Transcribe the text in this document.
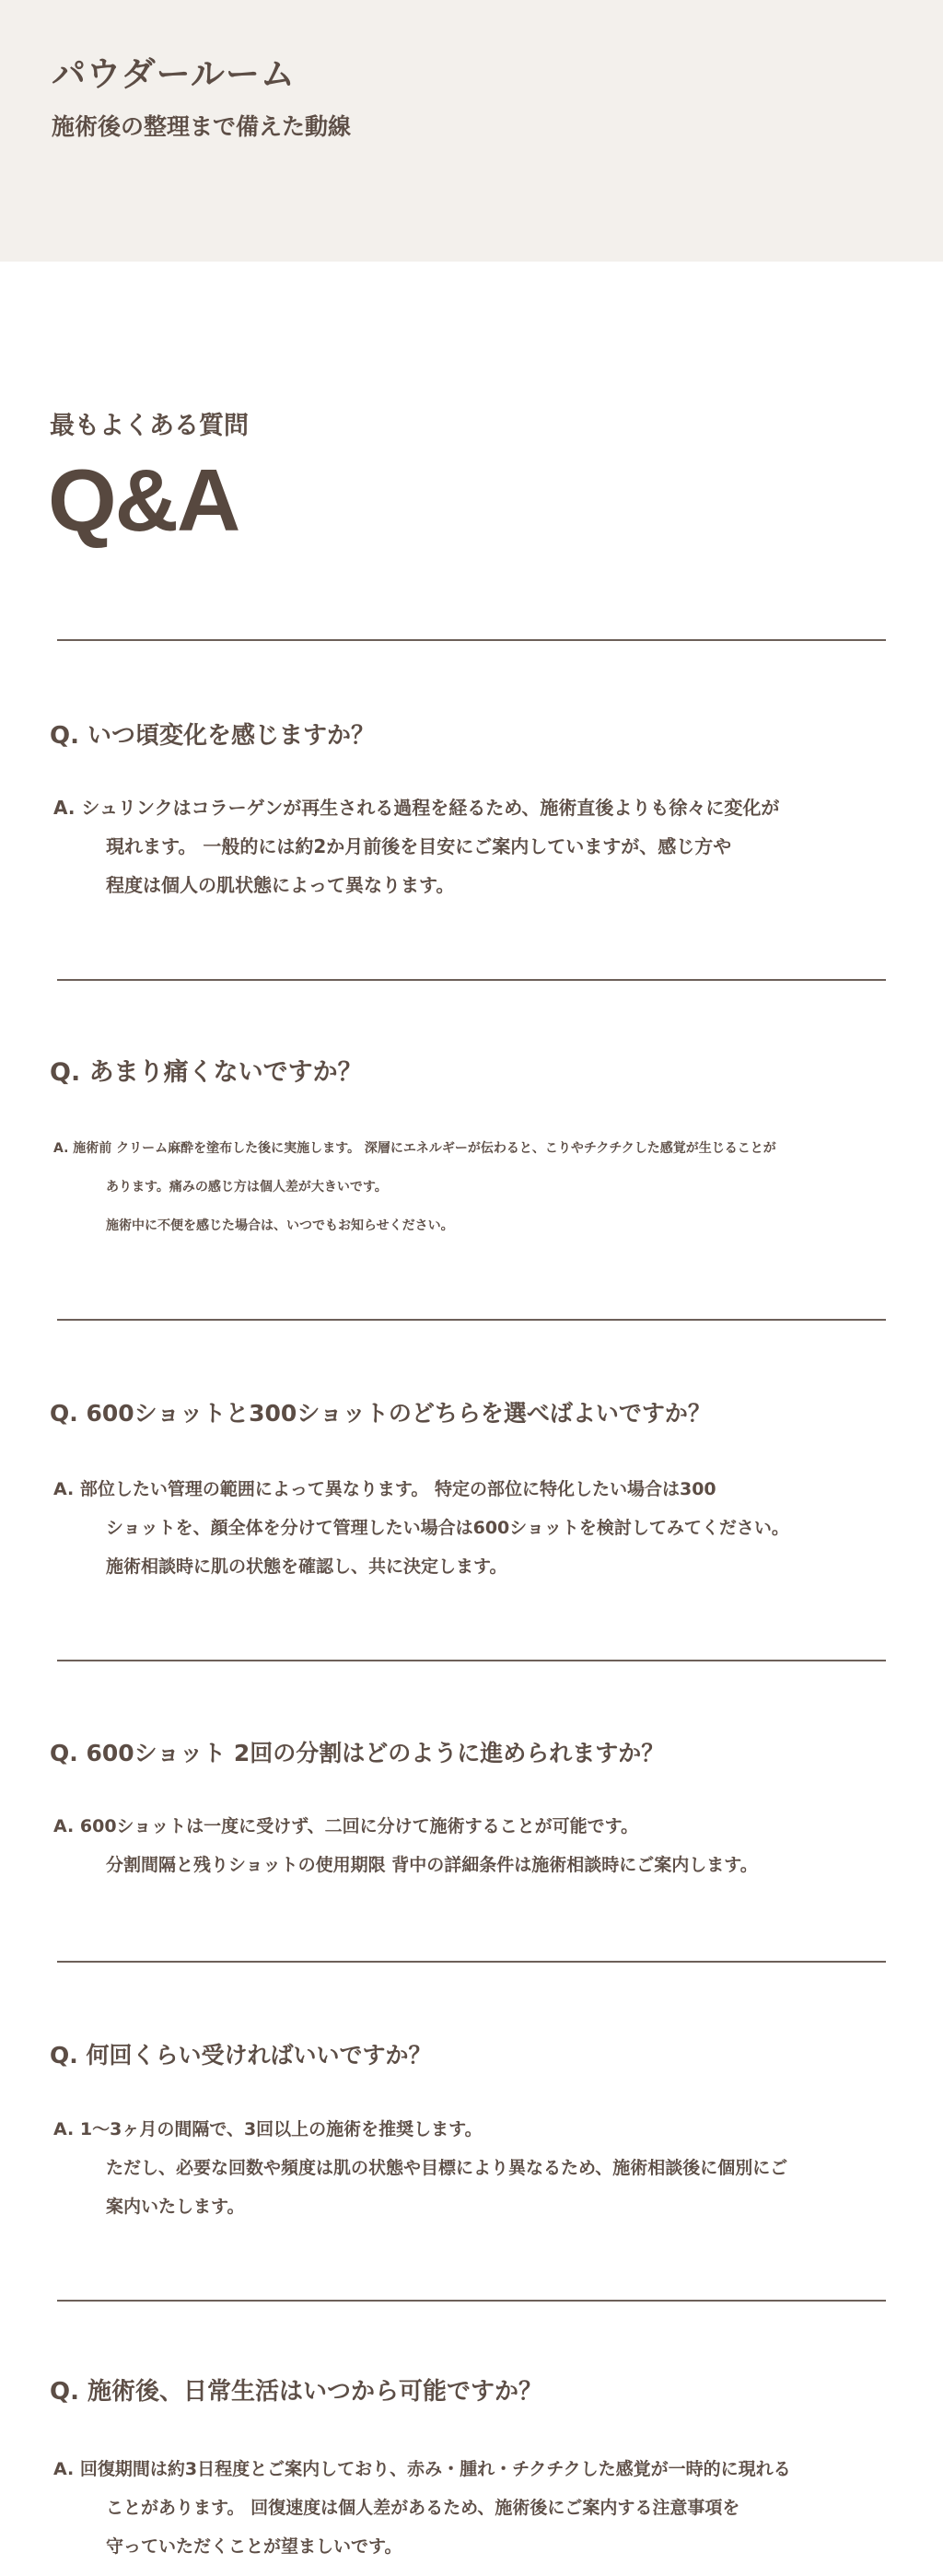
パウダールーム

施術後の整理まで備えた動線

最もよくある質問

Q&A
Q. いつ頃変化を感じますか？
A. シュリンクはコラーゲンが再生される過程を経るため、施術直後よりも徐々に変化が
現れます。 一般的には約2か月前後を目安にご案内していますが、感じ方や
程度は個人の肌状態によって異なります。
Q. あまり痛くないですか？
A. 施術前 クリーム麻酔を塗布した後に実施します。 深層にエネルギーが伝わると、こりやチクチクした感覚が生じることが
あります。痛みの感じ方は個人差が大きいです。
施術中に不便を感じた場合は、いつでもお知らせください。
Q. 600ショットと300ショットのどちらを選べばよいですか？
A. 部位したい管理の範囲によって異なります。 特定の部位に特化したい場合は300
ショットを、顔全体を分けて管理したい場合は600ショットを検討してみてください。
施術相談時に肌の状態を確認し、共に決定します。
Q. 600ショット 2回の分割はどのように進められますか？
A. 600ショットは一度に受けず、二回に分けて施術することが可能です。
分割間隔と残りショットの使用期限 背中の詳細条件は施術相談時にご案内します。
Q. 何回くらい受ければいいですか？
A. 1～3ヶ月の間隔で、3回以上の施術を推奨します。
ただし、必要な回数や頻度は肌の状態や目標により異なるため、施術相談後に個別にご
案内いたします。
Q. 施術後、日常生活はいつから可能ですか？
A. 回復期間は約3日程度とご案内しており、赤み・腫れ・チクチクした感覚が一時的に現れる
ことがあります。 回復速度は個人差があるため、施術後にご案内する注意事項を
守っていただくことが望ましいです。
